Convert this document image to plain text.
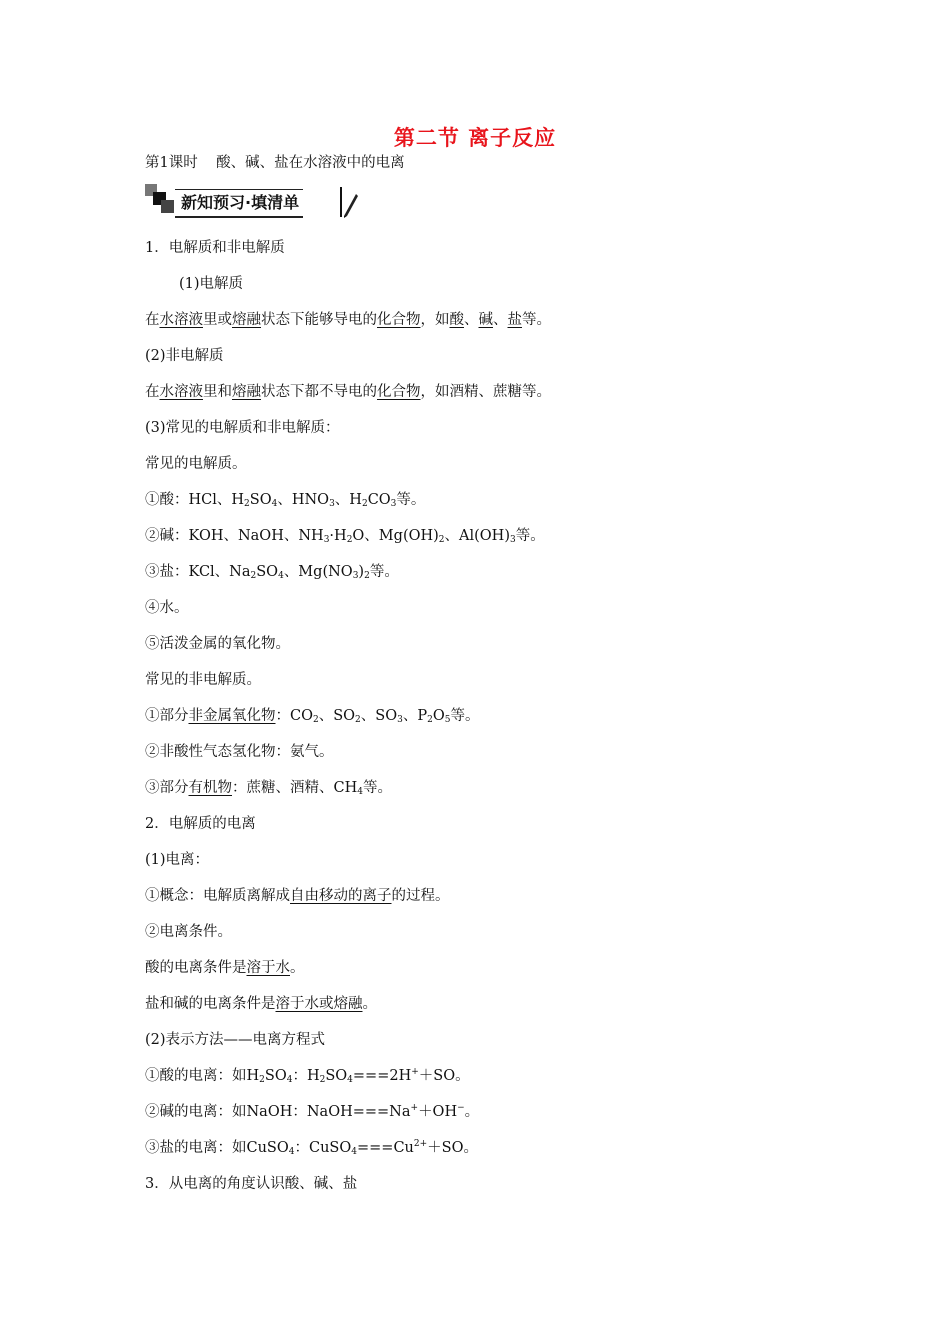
第二节 离子反应
第1课时    酸、碱、盐在水溶液中的电离
新知预习·填清单
1．电解质和非电解质
(1)电解质
在水溶液里或熔融状态下能够导电的化合物，如酸、碱、盐等。
(2)非电解质
在水溶液里和熔融状态下都不导电的化合物，如酒精、蔗糖等。
(3)常见的电解质和非电解质：
常见的电解质。
①酸：HCl、$H_2SO_4$、$HNO_3$、$H_2CO_3$等。
②碱：KOH、NaOH、$NH_3\cdot H_2O$、$Mg(OH)_2$、$Al(OH)_3$等。
③盐：KCl、$Na_2SO_4$、$Mg(NO_3)_2$等。
④水。
⑤活泼金属的氧化物。
常见的非电解质。
①部分非金属氧化物：$CO_2$、$SO_2$、$SO_3$、$P_2O_5$等。
②非酸性气态氢化物：氨气。
③部分有机物：蔗糖、酒精、$CH_4$等。
2．电解质的电离
(1)电离：
①概念：电解质离解成自由移动的离子的过程。
②电离条件。
酸的电离条件是溶于水。
盐和碱的电离条件是溶于水或熔融。
(2)表示方法——电离方程式
①酸的电离：如$H_2SO_4$：$H_2SO_4===2H^++SO$。
②碱的电离：如NaOH：NaOH===Na+＋OH−。
③盐的电离：如CuSO$_4$：$CuSO_4===Cu^{2+}+SO$。
3．从电离的角度认识酸、碱、盐
